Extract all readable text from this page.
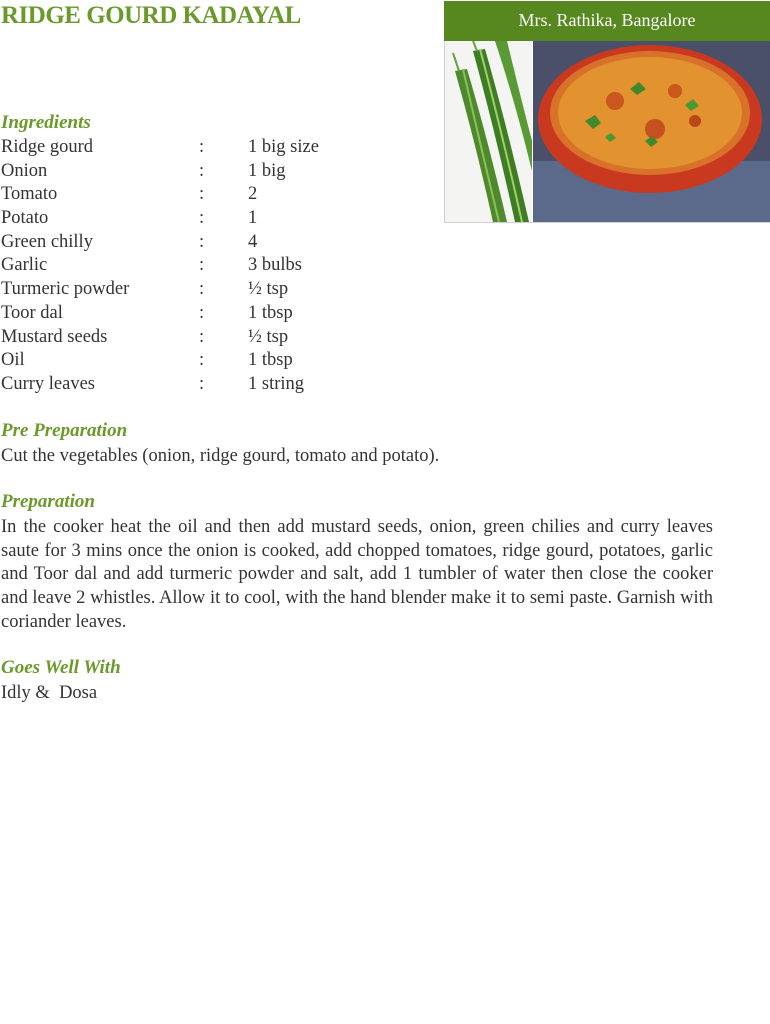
RIDGE GOURD KADAYAL	Mrs. Rathika, Bangalore
Ingredients
Ridge gourd	: 1 big size
Onion	: 1 big
Tomato	: 2
Potato	: 1
Green chilly	: 4
Garlic	: 3 bulbs
Turmeric powder	: ½ tsp
Toor dal	: 1 tbsp
Mustard seeds	: ½ tsp
Oil	: 1 tbsp
Curry leaves	: 1 string
Pre Preparation

Cut the vegetables (onion, ridge gourd, tomato and potato).

Preparation

In the cooker heat the oil and then add mustard seeds, onion, green chilies and curry leaves saute for 3 mins once the onion is cooked, add chopped tomatoes, ridge gourd, potatoes, garlic and Toor dal and add turmeric powder and salt, add 1 tumbler of water then close the cooker and leave 2 whistles. Allow it to cool, with the hand blender make it to semi paste. Garnish with coriander leaves.

Goes Well With

Idly &  Dosa
